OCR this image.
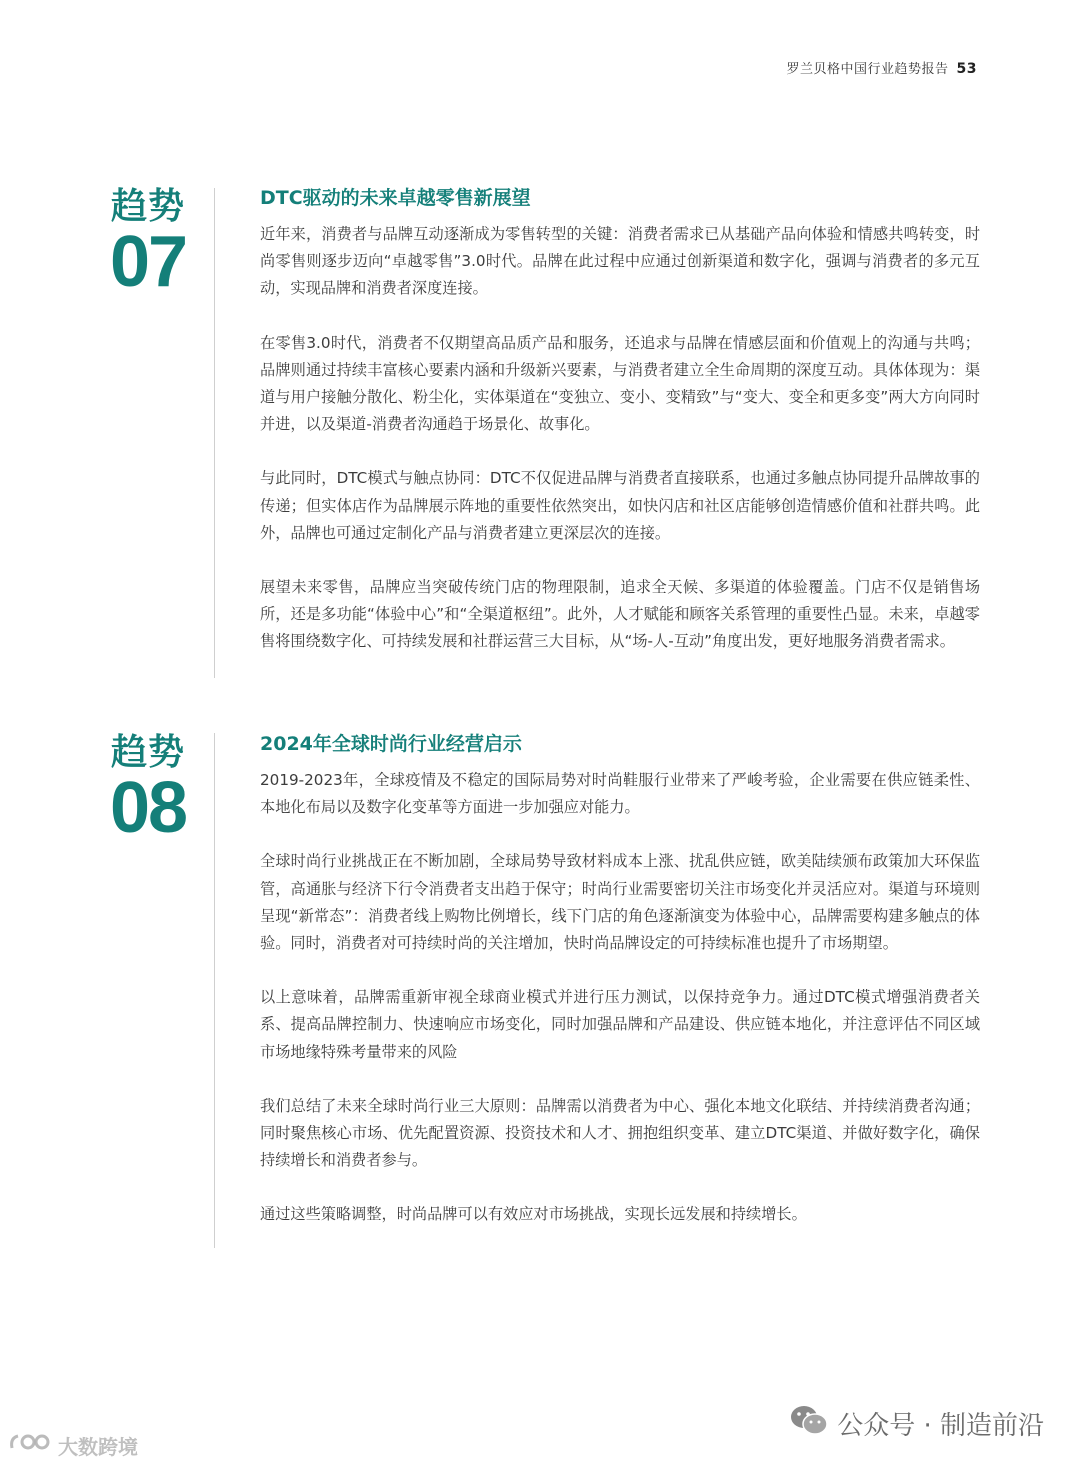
罗兰贝格中国行业趋势报告 53
趋势
07
DTC驱动的未来卓越零售新展望

近年来，消费者与品牌互动逐渐成为零售转型的关键：消费者需求已从基础产品向体验和情感共鸣转变，时尚零售则逐步迈向“卓越零售”3.0时代。品牌在此过程中应通过创新渠道和数字化，强调与消费者的多元互动，实现品牌和消费者深度连接。

在零售3.0时代，消费者不仅期望高品质产品和服务，还追求与品牌在情感层面和价值观上的沟通与共鸣；品牌则通过持续丰富核心要素内涵和升级新兴要素，与消费者建立全生命周期的深度互动。具体体现为：渠道与用户接触分散化、粉尘化，实体渠道在“变独立、变小、变精致”与“变大、变全和更多变”两大方向同时并进，以及渠道-消费者沟通趋于场景化、故事化。

与此同时，DTC模式与触点协同：DTC不仅促进品牌与消费者直接联系，也通过多触点协同提升品牌故事的传递；但实体店作为品牌展示阵地的重要性依然突出，如快闪店和社区店能够创造情感价值和社群共鸣。此外，品牌也可通过定制化产品与消费者建立更深层次的连接。

展望未来零售，品牌应当突破传统门店的物理限制，追求全天候、多渠道的体验覆盖。门店不仅是销售场所，还是多功能“体验中心”和“全渠道枢纽”。此外，人才赋能和顾客关系管理的重要性凸显。未来，卓越零售将围绕数字化、可持续发展和社群运营三大目标，从“场-人-互动”角度出发，更好地服务消费者需求。

趋势
08
2024年全球时尚行业经营启示

2019-2023年，全球疫情及不稳定的国际局势对时尚鞋服行业带来了严峻考验，企业需要在供应链柔性、本地化布局以及数字化变革等方面进一步加强应对能力。

全球时尚行业挑战正在不断加剧，全球局势导致材料成本上涨、扰乱供应链，欧美陆续颁布政策加大环保监管，高通胀与经济下行令消费者支出趋于保守；时尚行业需要密切关注市场变化并灵活应对。渠道与环境则呈现“新常态”：消费者线上购物比例增长，线下门店的角色逐渐演变为体验中心，品牌需要构建多触点的体验。同时，消费者对可持续时尚的关注增加，快时尚品牌设定的可持续标准也提升了市场期望。

以上意味着，品牌需重新审视全球商业模式并进行压力测试，以保持竞争力。通过DTC模式增强消费者关系、提高品牌控制力、快速响应市场变化，同时加强品牌和产品建设、供应链本地化，并注意评估不同区域市场地缘特殊考量带来的风险

我们总结了未来全球时尚行业三大原则：品牌需以消费者为中心、强化本地文化联结、并持续消费者沟通；同时聚焦核心市场、优先配置资源、投资技术和人才、拥抱组织变革、建立DTC渠道、并做好数字化，确保持续增长和消费者参与。

通过这些策略调整，时尚品牌可以有效应对市场挑战，实现长远发展和持续增长。

大数跨境
公众号 · 制造前沿
